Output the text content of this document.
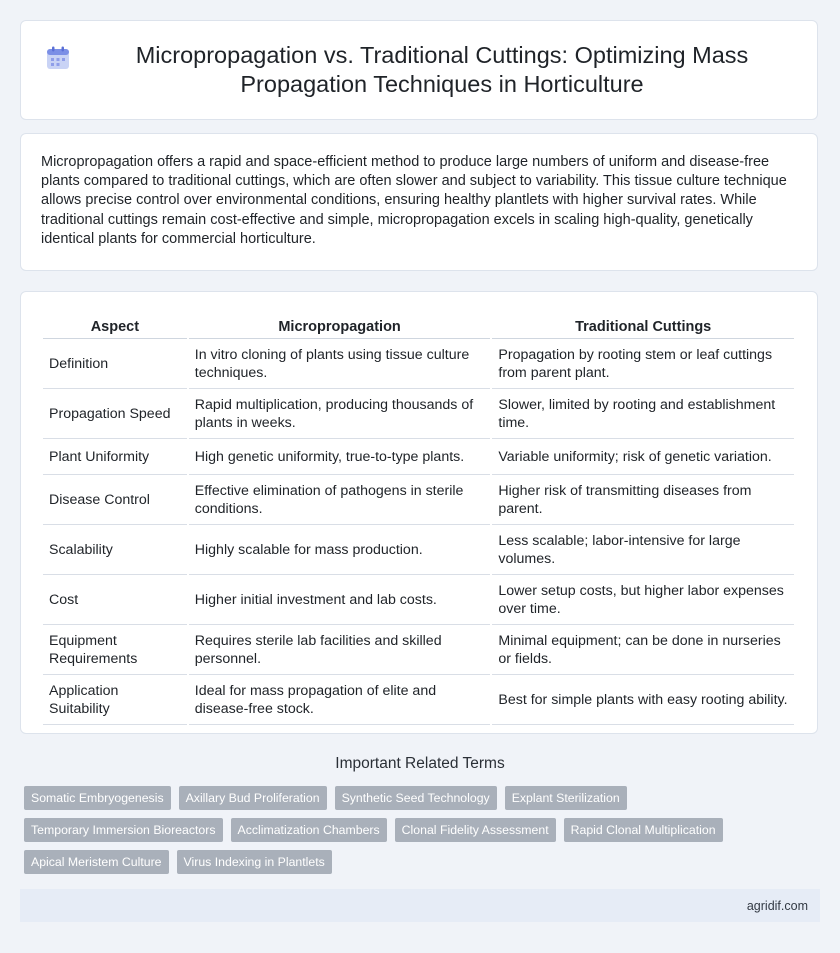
Micropropagation vs. Traditional Cuttings: Optimizing Mass Propagation Techniques in Horticulture

Micropropagation offers a rapid and space-efficient method to produce large numbers of uniform and disease-free plants compared to traditional cuttings, which are often slower and subject to variability. This tissue culture technique allows precise control over environmental conditions, ensuring healthy plantlets with higher survival rates. While traditional cuttings remain cost-effective and simple, micropropagation excels in scaling high-quality, genetically identical plants for commercial horticulture.

Aspect	Micropropagation	Traditional Cuttings
Definition	In vitro cloning of plants using tissue culture techniques.	Propagation by rooting stem or leaf cuttings from parent plant.
Propagation Speed	Rapid multiplication, producing thousands of plants in weeks.	Slower, limited by rooting and establishment time.
Plant Uniformity	High genetic uniformity, true-to-type plants.	Variable uniformity; risk of genetic variation.
Disease Control	Effective elimination of pathogens in sterile conditions.	Higher risk of transmitting diseases from parent.
Scalability	Highly scalable for mass production.	Less scalable; labor-intensive for large volumes.
Cost	Higher initial investment and lab costs.	Lower setup costs, but higher labor expenses over time.
Equipment Requirements	Requires sterile lab facilities and skilled personnel.	Minimal equipment; can be done in nurseries or fields.
Application Suitability	Ideal for mass propagation of elite and disease-free stock.	Best for simple plants with easy rooting ability.
Important Related Terms
Somatic Embryogenesis	Axillary Bud Proliferation	Synthetic Seed Technology	Explant Sterilization
Temporary Immersion Bioreactors	Acclimatization Chambers	Clonal Fidelity Assessment	Rapid Clonal Multiplication
Apical Meristem Culture	Virus Indexing in Plantlets
agridif.com
